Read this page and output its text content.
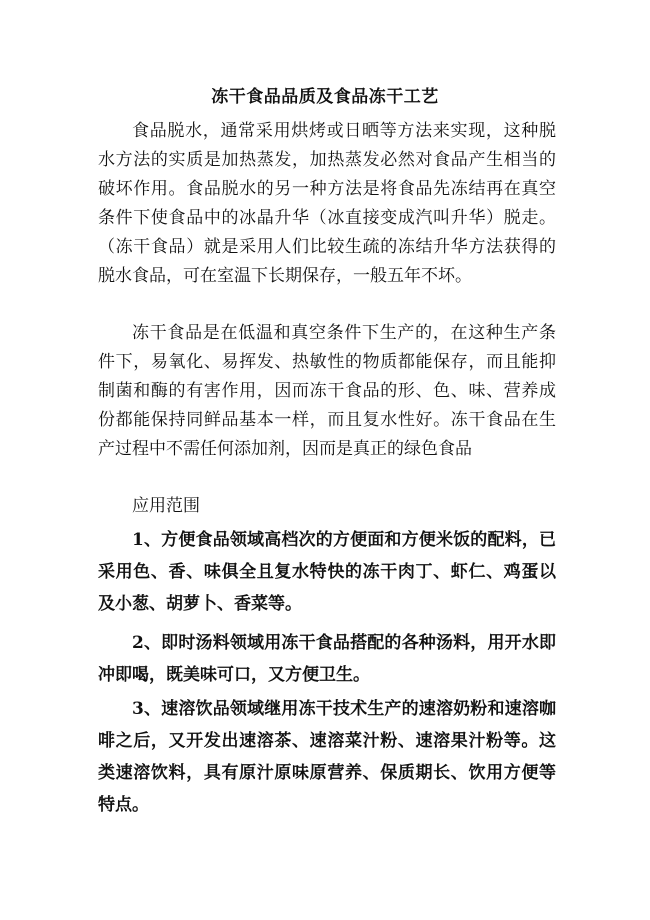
冻干食品品质及食品冻干工艺

食品脱水，通常采用烘烤或日晒等方法来实现，这种脱水方法的实质是加热蒸发，加热蒸发必然对食品产生相当的破坏作用。食品脱水的另一种方法是将食品先冻结再在真空条件下使食品中的冰晶升华（冰直接变成汽叫升华）脱走。（冻干食品）就是采用人们比较生疏的冻结升华方法获得的脱水食品，可在室温下长期保存，一般五年不坏。

冻干食品是在低温和真空条件下生产的，在这种生产条件下，易氧化、易挥发、热敏性的物质都能保存，而且能抑制菌和酶的有害作用，因而冻干食品的形、色、味、营养成份都能保持同鲜品基本一样，而且复水性好。冻干食品在生产过程中不需任何添加剂，因而是真正的绿色食品

应用范围

1、方便食品领域高档次的方便面和方便米饭的配料，已采用色、香、味俱全且复水特快的冻干肉丁、虾仁、鸡蛋以及小葱、胡萝卜、香菜等。

2、即时汤料领域用冻干食品搭配的各种汤料，用开水即冲即喝，既美味可口，又方便卫生。

3、速溶饮品领域继用冻干技术生产的速溶奶粉和速溶咖啡之后，又开发出速溶茶、速溶菜汁粉、速溶果汁粉等。这类速溶饮料，具有原汁原味原营养、保质期长、饮用方便等特点。
